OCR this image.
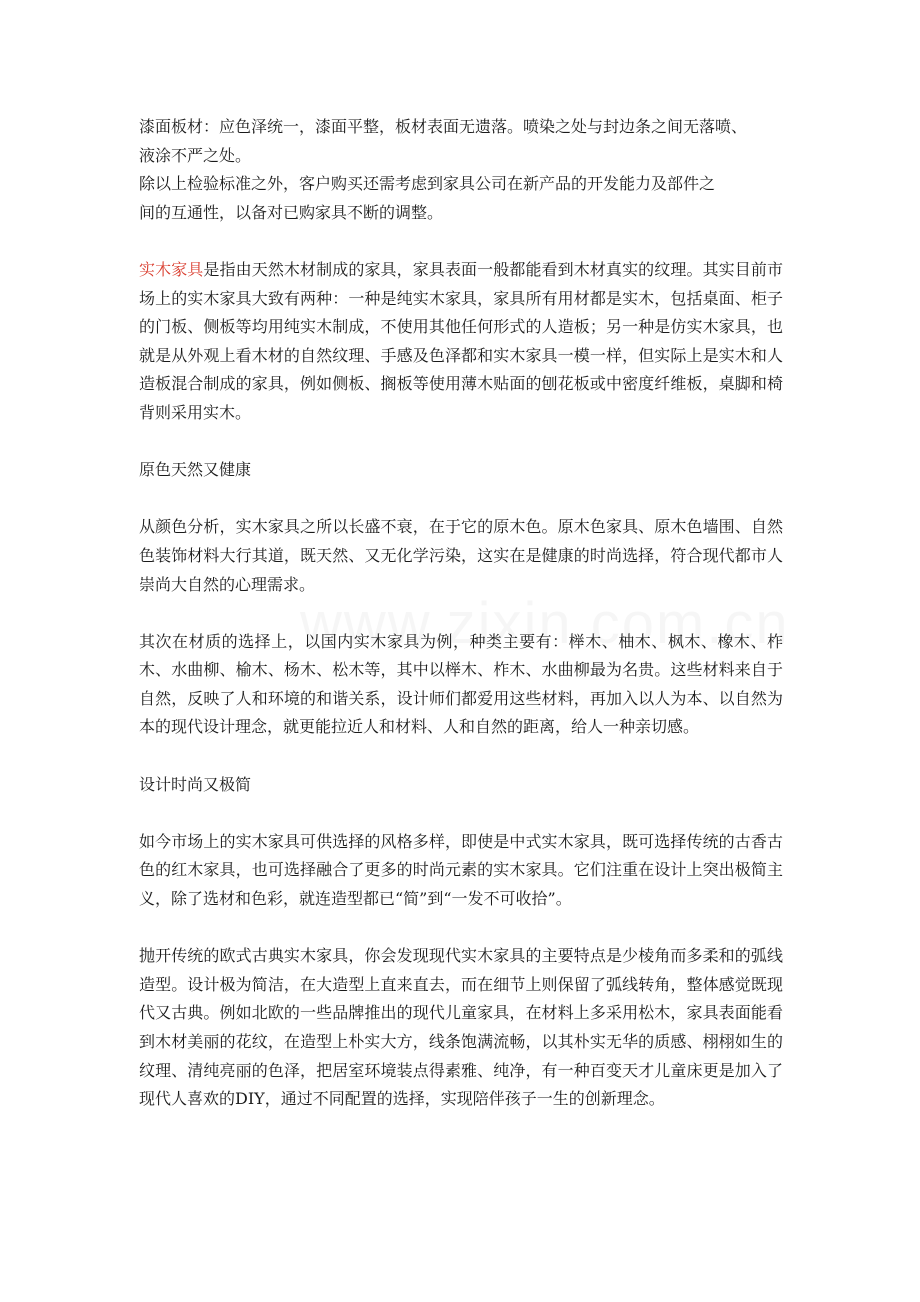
漆面板材：应色泽统一，漆面平整，板材表面无遗落。喷染之处与封边条之间无落喷、
液涂不严之处。

除以上检验标准之外，客户购买还需考虑到家具公司在新产品的开发能力及部件之
间的互通性，以备对已购家具不断的调整。

实木家具是指由天然木材制成的家具，家具表面一般都能看到木材真实的纹理。其实目前市场上的实木家具大致有两种：一种是纯实木家具，家具所有用材都是实木，包括桌面、柜子的门板、侧板等均用纯实木制成，不使用其他任何形式的人造板；另一种是仿实木家具，也就是从外观上看木材的自然纹理、手感及色泽都和实木家具一模一样，但实际上是实木和人造板混合制成的家具，例如侧板、搁板等使用薄木贴面的刨花板或中密度纤维板，桌脚和椅背则采用实木。

原色天然又健康

从颜色分析，实木家具之所以长盛不衰，在于它的原木色。原木色家具、原木色墙围、自然色装饰材料大行其道，既天然、又无化学污染，这实在是健康的时尚选择，符合现代都市人崇尚大自然的心理需求。

其次在材质的选择上，以国内实木家具为例，种类主要有：榉木、柚木、枫木、橡木、柞木、水曲柳、榆木、杨木、松木等，其中以榉木、柞木、水曲柳最为名贵。这些材料来自于自然，反映了人和环境的和谐关系，设计师们都爱用这些材料，再加入以人为本、以自然为本的现代设计理念，就更能拉近人和材料、人和自然的距离，给人一种亲切感。

设计时尚又极简

如今市场上的实木家具可供选择的风格多样，即使是中式实木家具，既可选择传统的古香古色的红木家具，也可选择融合了更多的时尚元素的实木家具。它们注重在设计上突出极简主义，除了选材和色彩，就连造型都已“简”到“一发不可收拾”。

抛开传统的欧式古典实木家具，你会发现现代实木家具的主要特点是少棱角而多柔和的弧线造型。设计极为简洁，在大造型上直来直去，而在细节上则保留了弧线转角，整体感觉既现代又古典。例如北欧的一些品牌推出的现代儿童家具，在材料上多采用松木，家具表面能看到木材美丽的花纹，在造型上朴实大方，线条饱满流畅，以其朴实无华的质感、栩栩如生的纹理、清纯亮丽的色泽，把居室环境装点得素雅、纯净，有一种百变天才儿童床更是加入了现代人喜欢的DIY，通过不同配置的选择，实现陪伴孩子一生的创新理念。
